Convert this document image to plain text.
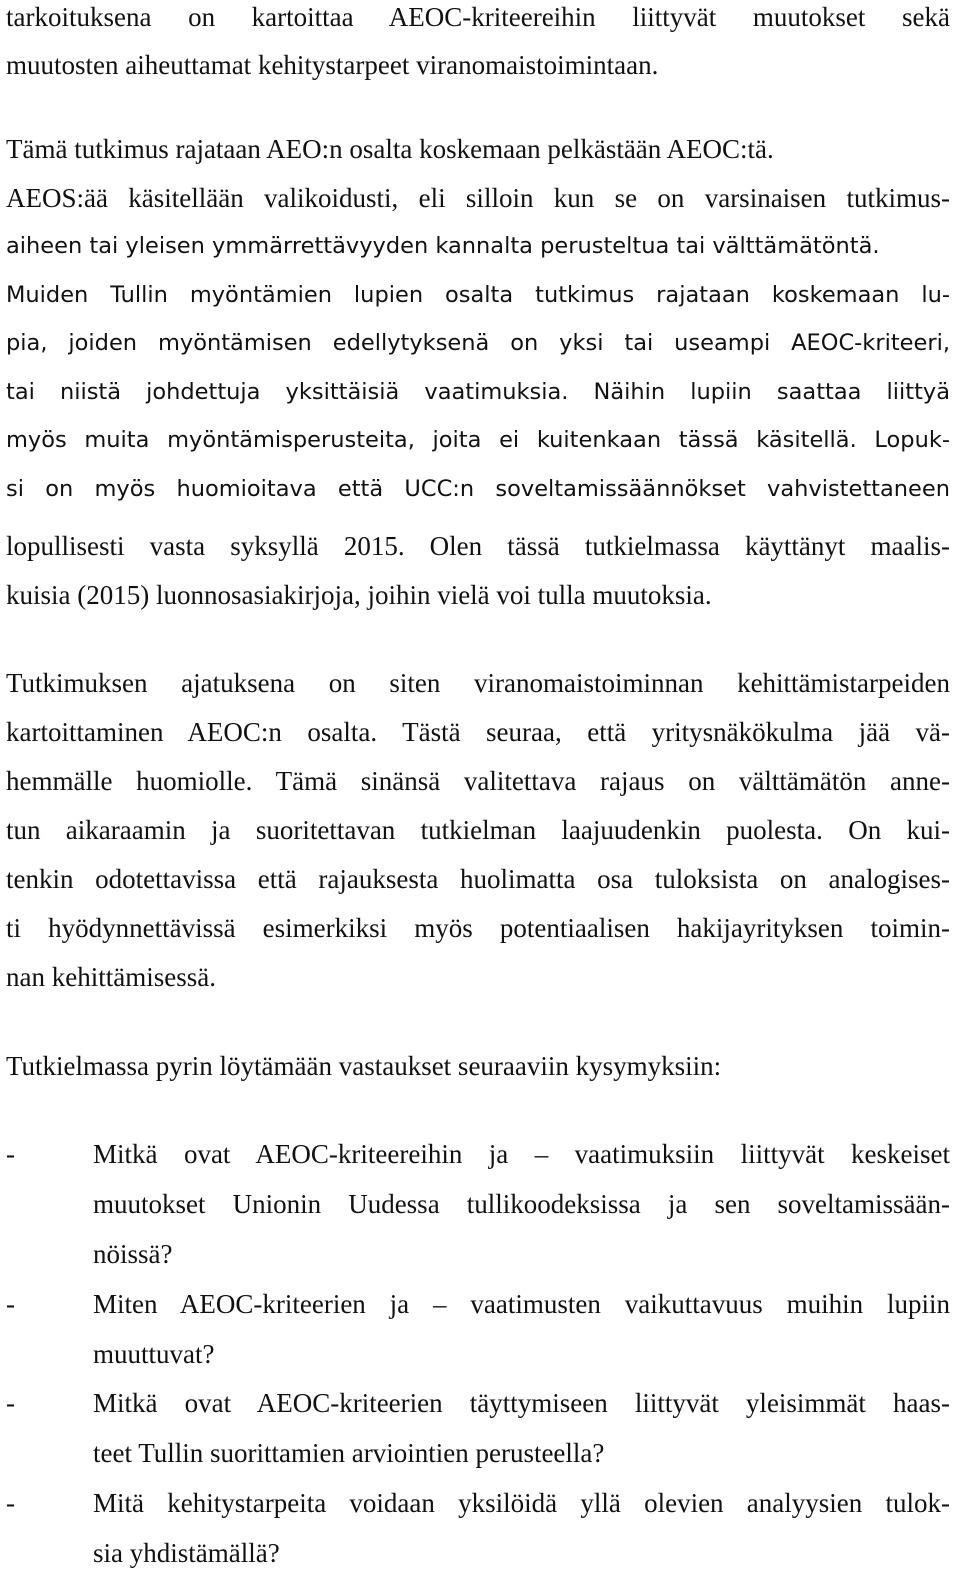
tarkoituksena on kartoittaa AEOC-kriteereihin liittyvät muutokset sekä
muutosten aiheuttamat kehitystarpeet viranomaistoimintaan.
Tämä tutkimus rajataan AEO:n osalta koskemaan pelkästään AEOC:tä.
AEOS:ää käsitellään valikoidusti, eli silloin kun se on varsinaisen tutkimus-
aiheen tai yleisen ymmärrettävyyden kannalta perusteltua tai välttämätöntä.
Muiden Tullin myöntämien lupien osalta tutkimus rajataan koskemaan lu-
pia, joiden myöntämisen edellytyksenä on yksi tai useampi AEOC-kriteeri,
tai niistä johdettuja yksittäisiä vaatimuksia. Näihin lupiin saattaa liittyä
myös muita myöntämisperusteita, joita ei kuitenkaan tässä käsitellä. Lopuk-
si on myös huomioitava että UCC:n soveltamissäännökset vahvistettaneen
lopullisesti vasta syksyllä 2015. Olen tässä tutkielmassa käyttänyt maalis-
kuisia (2015) luonnosasiakirjoja, joihin vielä voi tulla muutoksia.
Tutkimuksen ajatuksena on siten viranomaistoiminnan kehittämistarpeiden
kartoittaminen AEOC:n osalta. Tästä seuraa, että yritysnäkökulma jää vä-
hemmälle huomiolle. Tämä sinänsä valitettava rajaus on välttämätön anne-
tun aikaraamin ja suoritettavan tutkielman laajuudenkin puolesta. On kui-
tenkin odotettavissa että rajauksesta huolimatta osa tuloksista on analogises-
ti hyödynnettävissä esimerkiksi myös potentiaalisen hakijayrityksen toimin-
nan kehittämisessä.
Tutkielmassa pyrin löytämään vastaukset seuraaviin kysymyksiin:
-	Mitkä ovat AEOC-kriteereihin ja – vaatimuksiin liittyvät keskeiset
muutokset Unionin Uudessa tullikoodeksissa ja sen soveltamissään-
nöissä?
-	Miten AEOC-kriteerien ja – vaatimusten vaikuttavuus muihin lupiin
muuttuvat?
-	Mitkä ovat AEOC-kriteerien täyttymiseen liittyvät yleisimmät haas-
teet Tullin suorittamien arviointien perusteella?
-	Mitä kehitystarpeita voidaan yksilöidä yllä olevien analyysien tulok-
sia yhdistämällä?
